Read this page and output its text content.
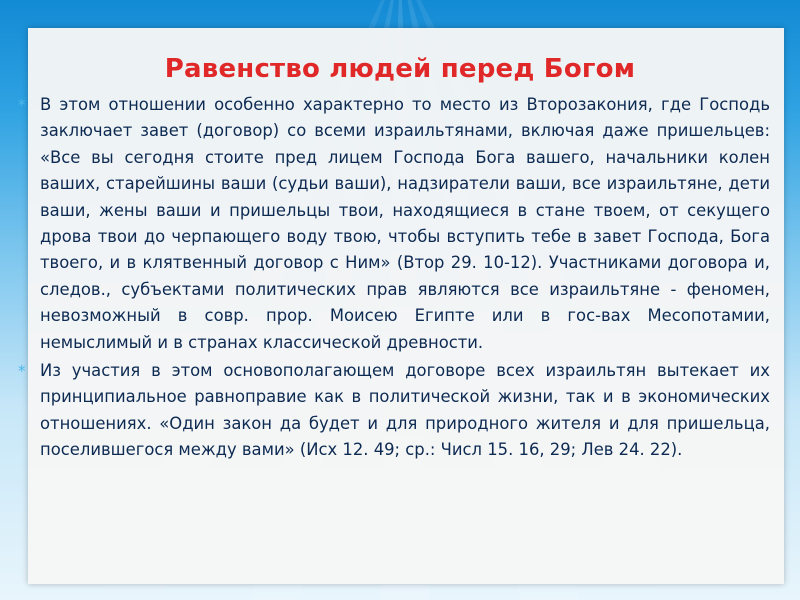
Равенство людей перед Богом

* В этом отношении особенно характерно то место из Второзакония, где Господь заключает завет (договор) со всеми израильтянами, включая даже пришельцев: «Все вы сегодня стоите пред лицем Господа Бога вашего, начальники колен ваших, старейшины ваши (судьи ваши), надзиратели ваши, все израильтяне, дети ваши, жены ваши и пришельцы твои, находящиеся в стане твоем, от секущего дрова твои до черпающего воду твою, чтобы вступить тебе в завет Господа, Бога твоего, и в клятвенный договор с Ним» (Втор 29. 10-12). Участниками договора и, следов., субъектами политических прав являются все израильтяне - феномен, невозможный в совр. прор. Моисею Египте или в гос-вах Месопотамии, немыслимый и в странах классической древности.

* Из участия в этом основополагающем договоре всех израильтян вытекает их принципиальное равноправие как в политической жизни, так и в экономических отношениях. «Один закон да будет и для природного жителя и для пришельца, поселившегося между вами» (Исх 12. 49; ср.: Числ 15. 16, 29; Лев 24. 22).
